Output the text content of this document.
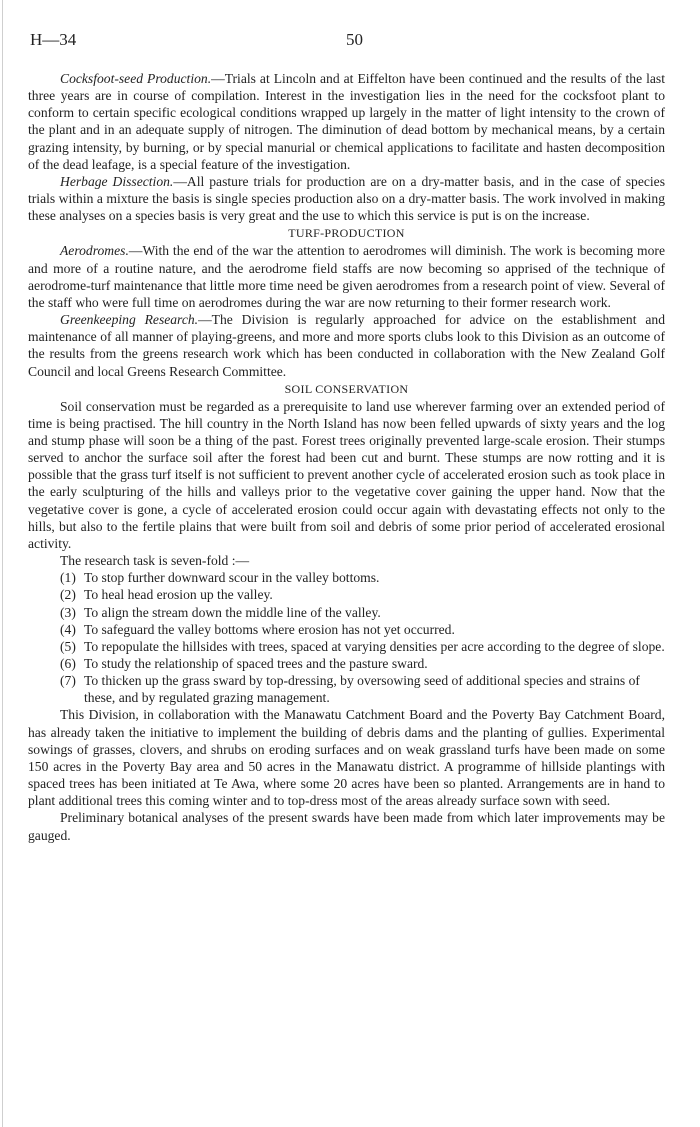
H—34	50

Cocksfoot-seed Production.—Trials at Lincoln and at Eiffelton have been continued and the results of the last three years are in course of compilation. Interest in the investigation lies in the need for the cocksfoot plant to conform to certain specific ecological conditions wrapped up largely in the matter of light intensity to the crown of the plant and in an adequate supply of nitrogen. The diminution of dead bottom by mechanical means, by a certain grazing intensity, by burning, or by special manurial or chemical applications to facilitate and hasten decomposition of the dead leafage, is a special feature of the investigation.

Herbage Dissection.—All pasture trials for production are on a dry-matter basis, and in the case of species trials within a mixture the basis is single species production also on a dry-matter basis. The work involved in making these analyses on a species basis is very great and the use to which this service is put is on the increase.

TURF-PRODUCTION

Aerodromes.—With the end of the war the attention to aerodromes will diminish. The work is becoming more and more of a routine nature, and the aerodrome field staffs are now becoming so apprised of the technique of aerodrome-turf maintenance that little more time need be given aerodromes from a research point of view. Several of the staff who were full time on aerodromes during the war are now returning to their former research work.

Greenkeeping Research.—The Division is regularly approached for advice on the establishment and maintenance of all manner of playing-greens, and more and more sports clubs look to this Division as an outcome of the results from the greens research work which has been conducted in collaboration with the New Zealand Golf Council and local Greens Research Committee.

SOIL CONSERVATION

Soil conservation must be regarded as a prerequisite to land use wherever farming over an extended period of time is being practised. The hill country in the North Island has now been felled upwards of sixty years and the log and stump phase will soon be a thing of the past. Forest trees originally prevented large-scale erosion. Their stumps served to anchor the surface soil after the forest had been cut and burnt. These stumps are now rotting and it is possible that the grass turf itself is not sufficient to prevent another cycle of accelerated erosion such as took place in the early sculpturing of the hills and valleys prior to the vegetative cover gaining the upper hand. Now that the vegetative cover is gone, a cycle of accelerated erosion could occur again with devastating effects not only to the hills, but also to the fertile plains that were built from soil and debris of some prior period of accelerated erosional activity.

The research task is seven-fold :—
(1) To stop further downward scour in the valley bottoms.
(2) To heal head erosion up the valley.
(3) To align the stream down the middle line of the valley.
(4) To safeguard the valley bottoms where erosion has not yet occurred.
(5) To repopulate the hillsides with trees, spaced at varying densities per acre according to the degree of slope.
(6) To study the relationship of spaced trees and the pasture sward.
(7) To thicken up the grass sward by top-dressing, by oversowing seed of additional species and strains of these, and by regulated grazing management.

This Division, in collaboration with the Manawatu Catchment Board and the Poverty Bay Catchment Board, has already taken the initiative to implement the building of debris dams and the planting of gullies. Experimental sowings of grasses, clovers, and shrubs on eroding surfaces and on weak grassland turfs have been made on some 150 acres in the Poverty Bay area and 50 acres in the Manawatu district. A programme of hillside plantings with spaced trees has been initiated at Te Awa, where some 20 acres have been so planted. Arrangements are in hand to plant additional trees this coming winter and to top-dress most of the areas already surface sown with seed.

Preliminary botanical analyses of the present swards have been made from which later improvements may be gauged.
